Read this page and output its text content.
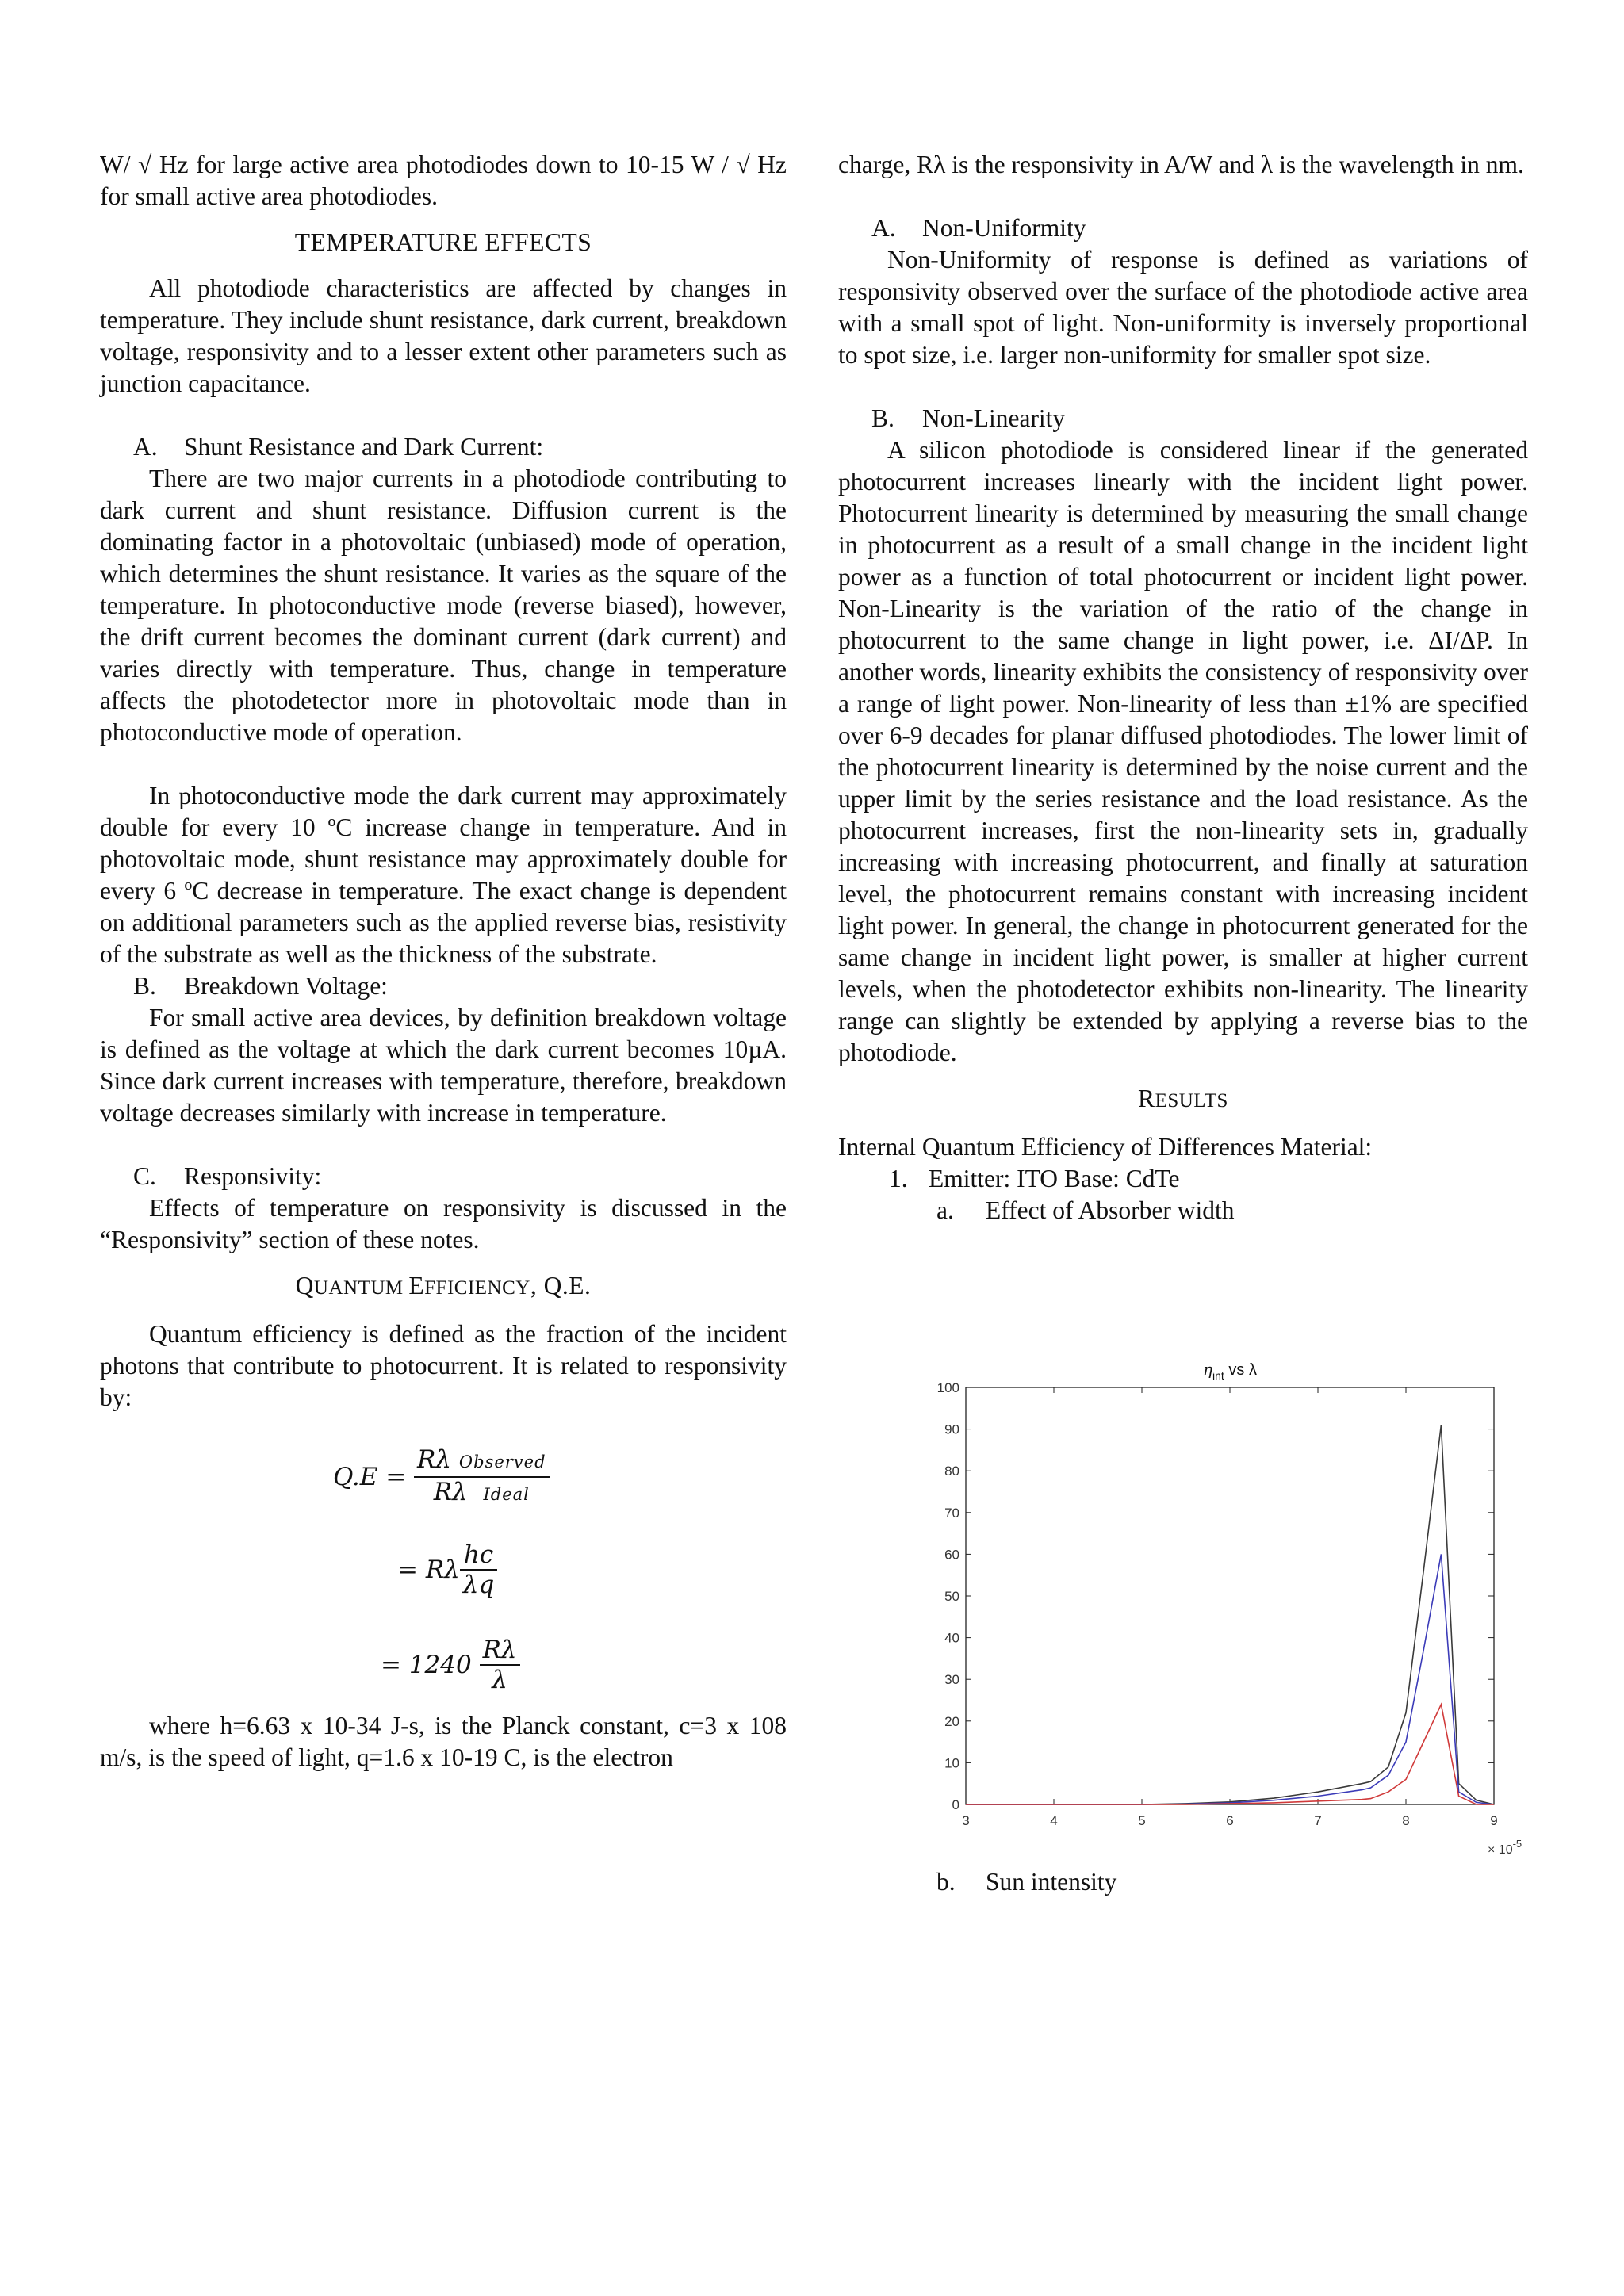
W/ √ Hz for large active area photodiodes down to 10-15 W / √ Hz for small active area photodiodes.

TEMPERATURE EFFECTS

All photodiode characteristics are affected by changes in temperature. They include shunt resistance, dark current, breakdown voltage, responsivity and to a lesser extent other parameters such as junction capacitance.

A. Shunt Resistance and Dark Current:

There are two major currents in a photodiode contributing to dark current and shunt resistance. Diffusion current is the dominating factor in a photovoltaic (unbiased) mode of operation, which determines the shunt resistance. It varies as the square of the temperature. In photoconductive mode (reverse biased), however, the drift current becomes the dominant current (dark current) and varies directly with temperature. Thus, change in temperature affects the photodetector more in photovoltaic mode than in photoconductive mode of operation.

In photoconductive mode the dark current may approximately double for every 10 ºC increase change in temperature. And in photovoltaic mode, shunt resistance may approximately double for every 6 ºC decrease in temperature. The exact change is dependent on additional parameters such as the applied reverse bias, resistivity of the substrate as well as the thickness of the substrate.

B. Breakdown Voltage:

For small active area devices, by definition breakdown voltage is defined as the voltage at which the dark current becomes 10µA. Since dark current increases with temperature, therefore, breakdown voltage decreases similarly with increase in temperature.

C. Responsivity:

Effects of temperature on responsivity is discussed in the “Responsivity” section of these notes.

QUANTUM EFFICIENCY, Q.E.

Quantum efficiency is defined as the fraction of the incident photons that contribute to photocurrent. It is related to responsivity by:

Q.E =
$\frac{\text{Rλ Observed}}{\text{Rλ Ideal}}$
= Rλ $\frac{hc}{\lambda q}$
= 1240
$\frac{R\lambda}{\lambda}$

where h=6.63 x 10-34 J-s, is the Planck constant, c=3 x 108 m/s, is the speed of light, q=1.6 x 10-19 C, is the electron

charge, Rλ is the responsivity in A/W and λ is the wavelength in nm.

A. Non-Uniformity

Non-Uniformity of response is defined as variations of responsivity observed over the surface of the photodiode active area with a small spot of light. Non-uniformity is inversely proportional to spot size, i.e. larger non-uniformity for smaller spot size.

B. Non-Linearity

A silicon photodiode is considered linear if the generated photocurrent increases linearly with the incident light power. Photocurrent linearity is determined by measuring the small change in photocurrent as a result of a small change in the incident light power as a function of total photocurrent or incident light power. Non-Linearity is the variation of the ratio of the change in photocurrent to the same change in light power, i.e. ΔI/ΔP. In another words, linearity exhibits the consistency of responsivity over a range of light power. Non-linearity of less than ±1% are specified over 6-9 decades for planar diffused photodiodes. The lower limit of the photocurrent linearity is determined by the noise current and the upper limit by the series resistance and the load resistance. As the photocurrent increases, first the non-linearity sets in, gradually increasing with increasing photocurrent, and finally at saturation level, the photocurrent remains constant with increasing incident light power. In general, the change in photocurrent generated for the same change in incident light power, is smaller at higher current levels, when the photodetector exhibits non-linearity. The linearity range can slightly be extended by applying a reverse bias to the photodiode.

RESULTS

Internal Quantum Efficiency of Differences Material:

1. Emitter: ITO Base: CdTe

a. Effect of Absorber width

$\eta_{int}$ vs λ
0
10
20
30
40
50
60
70
80
90
100
3	4	5	6	7	8	9
× $10^{-5}$

b. Sun intensity
